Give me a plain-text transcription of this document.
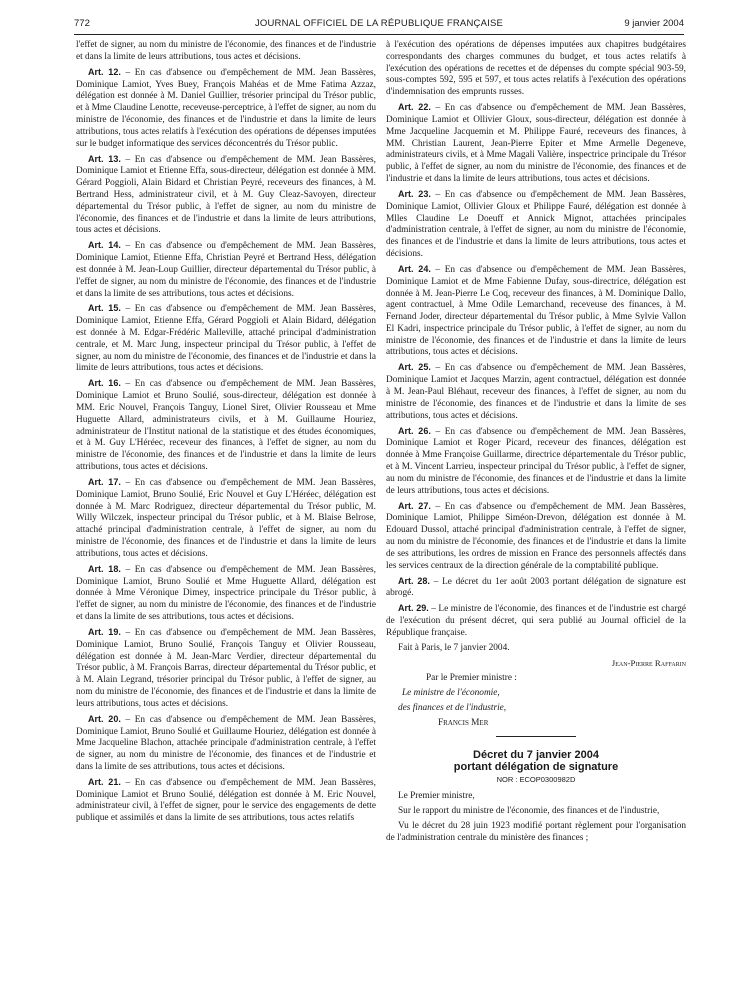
772	JOURNAL OFFICIEL DE LA RÉPUBLIQUE FRANÇAISE	9 janvier 2004

l'effet de signer, au nom du ministre de l'économie, des finances et de l'industrie et dans la limite de leurs attributions, tous actes et décisions.

Art. 12. – En cas d'absence ou d'empêchement de MM. Jean Bassères, Dominique Lamiot, Yves Buey, François Mahéas et de Mme Fatima Azzaz, délégation est donnée à M. Daniel Guillier, trésorier principal du Trésor public, et à Mme Claudine Lenotte, receveuse-perceptrice, à l'effet de signer, au nom du ministre de l'économie, des finances et de l'industrie et dans la limite de leurs attributions, tous actes relatifs à l'exécution des opérations de dépenses imputées sur le budget informatique des services déconcentrés du Trésor public.

Art. 13. – En cas d'absence ou d'empêchement de MM. Jean Bassères, Dominique Lamiot et Etienne Effa, sous-directeur, délégation est donnée à MM. Gérard Poggioli, Alain Bidard et Christian Peyré, receveurs des finances, à M. Bertrand Hess, administrateur civil, et à M. Guy Cleaz-Savoyen, directeur départemental du Trésor public, à l'effet de signer, au nom du ministre de l'économie, des finances et de l'industrie et dans la limite de leurs attributions, tous actes et décisions.

Art. 14. – En cas d'absence ou d'empêchement de MM. Jean Bassères, Dominique Lamiot, Etienne Effa, Christian Peyré et Bertrand Hess, délégation est donnée à M. Jean-Loup Guillier, directeur départemental du Trésor public, à l'effet de signer, au nom du ministre de l'économie, des finances et de l'industrie et dans la limite de ses attributions, tous actes et décisions.

Art. 15. – En cas d'absence ou d'empêchement de MM. Jean Bassères, Dominique Lamiot, Etienne Effa, Gérard Poggioli et Alain Bidard, délégation est donnée à M. Edgar-Frédéric Malleville, attaché principal d'administration centrale, et M. Marc Jung, inspecteur principal du Trésor public, à l'effet de signer, au nom du ministre de l'économie, des finances et de l'industrie et dans la limite de leurs attributions, tous actes et décisions.

Art. 16. – En cas d'absence ou d'empêchement de MM. Jean Bassères, Dominique Lamiot et Bruno Soulié, sous-directeur, délégation est donnée à MM. Eric Nouvel, François Tanguy, Lionel Siret, Olivier Rousseau et Mme Huguette Allard, administrateurs civils, et à M. Guillaume Houriez, administrateur de l'Institut national de la statistique et des études économiques, et à M. Guy L'Héréec, receveur des finances, à l'effet de signer, au nom du ministre de l'économie, des finances et de l'industrie et dans la limite de leurs attributions, tous actes et décisions.

Art. 17. – En cas d'absence ou d'empêchement de MM. Jean Bassères, Dominique Lamiot, Bruno Soulié, Eric Nouvel et Guy L'Héréec, délégation est donnée à M. Marc Rodriguez, directeur départemental du Trésor public, M. Willy Wilczek, inspecteur principal du Trésor public, et à M. Blaise Belrose, attaché principal d'administration centrale, à l'effet de signer, au nom du ministre de l'économie, des finances et de l'industrie et dans la limite de leurs attributions, tous actes et décisions.

Art. 18. – En cas d'absence ou d'empêchement de MM. Jean Bassères, Dominique Lamiot, Bruno Soulié et Mme Huguette Allard, délégation est donnée à Mme Véronique Dimey, inspectrice principale du Trésor public, à l'effet de signer, au nom du ministre de l'économie, des finances et de l'industrie et dans la limite de ses attributions, tous actes et décisions.

Art. 19. – En cas d'absence ou d'empêchement de MM. Jean Bassères, Dominique Lamiot, Bruno Soulié, François Tanguy et Olivier Rousseau, délégation est donnée à M. Jean-Marc Verdier, directeur départemental du Trésor public, à M. François Barras, directeur départemental du Trésor public, et à M. Alain Legrand, trésorier principal du Trésor public, à l'effet de signer, au nom du ministre de l'économie, des finances et de l'industrie et dans la limite de leurs attributions, tous actes et décisions.

Art. 20. – En cas d'absence ou d'empêchement de MM. Jean Bassères, Dominique Lamiot, Bruno Soulié et Guillaume Houriez, délégation est donnée à Mme Jacqueline Blachon, attachée principale d'administration centrale, à l'effet de signer, au nom du ministre de l'économie, des finances et de l'industrie et dans la limite de ses attributions, tous actes et décisions.

Art. 21. – En cas d'absence ou d'empêchement de MM. Jean Bassères, Dominique Lamiot et Bruno Soulié, délégation est donnée à M. Eric Nouvel, administrateur civil, à l'effet de signer, pour le service des engagements de dette publique et assimilés et dans la limite de ses attributions, tous actes relatifs

à l'exécution des opérations de dépenses imputées aux chapitres budgétaires correspondants des charges communes du budget, et tous actes relatifs à l'exécution des opérations de recettes et de dépenses du compte spécial 903-59, sous-comptes 592, 595 et 597, et tous actes relatifs à l'exécution des opérations d'indemnisation des emprunts russes.

Art. 22. – En cas d'absence ou d'empêchement de MM. Jean Bassères, Dominique Lamiot et Ollivier Gloux, sous-directeur, délégation est donnée à Mme Jacqueline Jacquemin et M. Philippe Fauré, receveurs des finances, à MM. Christian Laurent, Jean-Pierre Epiter et Mme Armelle Degeneve, administrateurs civils, et à Mme Magali Valière, inspectrice principale du Trésor public, à l'effet de signer, au nom du ministre de l'économie, des finances et de l'industrie et dans la limite de leurs attributions, tous actes et décisions.

Art. 23. – En cas d'absence ou d'empêchement de MM. Jean Bassères, Dominique Lamiot, Ollivier Gloux et Philippe Fauré, délégation est donnée à Mlles Claudine Le Doeuff et Annick Mignot, attachées principales d'administration centrale, à l'effet de signer, au nom du ministre de l'économie, des finances et de l'industrie et dans la limite de leurs attributions, tous actes et décisions.

Art. 24. – En cas d'absence ou d'empêchement de MM. Jean Bassères, Dominique Lamiot et de Mme Fabienne Dufay, sous-directrice, délégation est donnée à M. Jean-Pierre Le Coq, receveur des finances, à M. Dominique Dallo, agent contractuel, à Mme Odile Lemarchand, receveuse des finances, à M. Fernand Joder, directeur départemental du Trésor public, à Mme Sylvie Vallon El Kadri, inspectrice principale du Trésor public, à l'effet de signer, au nom du ministre de l'économie, des finances et de l'industrie et dans la limite de leurs attributions, tous actes et décisions.

Art. 25. – En cas d'absence ou d'empêchement de MM. Jean Bassères, Dominique Lamiot et Jacques Marzin, agent contractuel, délégation est donnée à M. Jean-Paul Bléhaut, receveur des finances, à l'effet de signer, au nom du ministre de l'économie, des finances et de l'industrie et dans la limite de ses attributions, tous actes et décisions.

Art. 26. – En cas d'absence ou d'empêchement de MM. Jean Bassères, Dominique Lamiot et Roger Picard, receveur des finances, délégation est donnée à Mme Françoise Guillarme, directrice départementale du Trésor public, et à M. Vincent Larrieu, inspecteur principal du Trésor public, à l'effet de signer, au nom du ministre de l'économie, des finances et de l'industrie et dans la limite de leurs attributions, tous actes et décisions.

Art. 27. – En cas d'absence ou d'empêchement de MM. Jean Bassères, Dominique Lamiot, Philippe Siméon-Drevon, délégation est donnée à M. Edouard Dussol, attaché principal d'administration centrale, à l'effet de signer, au nom du ministre de l'économie, des finances et de l'industrie et dans la limite de ses attributions, les ordres de mission en France des personnels affectés dans les services centraux de la direction générale de la comptabilité publique.

Art. 28. – Le décret du 1er août 2003 portant délégation de signature est abrogé.

Art. 29. – Le ministre de l'économie, des finances et de l'industrie est chargé de l'exécution du présent décret, qui sera publié au Journal officiel de la République française.

Fait à Paris, le 7 janvier 2004.

Jean-Pierre Raffarin

Par le Premier ministre :

Le ministre de l'économie,

des finances et de l'industrie,

Francis Mer

Décret du 7 janvier 2004
portant délégation de signature
NOR : ECOP0300982D

Le Premier ministre,

Sur le rapport du ministre de l'économie, des finances et de l'industrie,

Vu le décret du 28 juin 1923 modifié portant règlement pour l'organisation de l'administration centrale du ministère des finances ;
